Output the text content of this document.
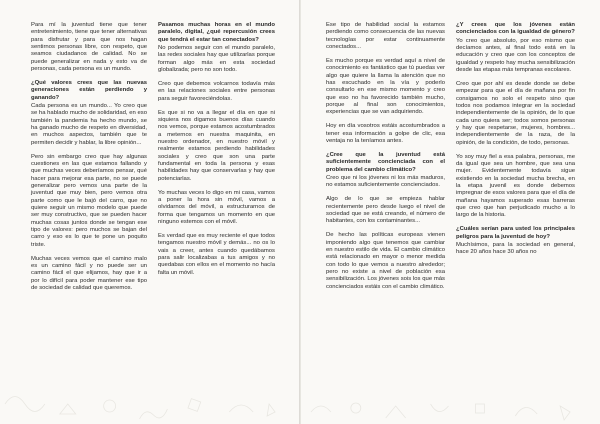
Para mí la juventud tiene que tener entretenimiento, tiene que tener alternativas para disfrutar y para que nos hagan sentirnos personas libre, con respeto, que seamos ciudadanos de calidad. No se puede generalizar en nada y esto va de personas, cada persona es un mundo.

¿Qué valores crees que las nuevas generaciones están perdiendo y ganando?

Cada persona es un mundo... Yo creo que se ha hablado mucho de solidaridad, en eso también la pandemia ha hecho mundo, se ha ganado mucho de respeto en diversidad, en muchos aspectos, también que te permiten decidir y hablar, la libre opinión...

Pero sin embargo creo que hay algunas cuestiones en las que estamos fallando y que muchas veces deberíamos pensar, qué hacer para mejorar esa parte, no se puede generalizar pero vemos una parte de la juventud que muy bien, pero vemos otra parte como que le bajó del carro, que no quiere seguir un mismo modelo que puede ser muy constructivo, que se pueden hacer muchas cosas juntos donde se tengan ese tipo de valores: pero muchos se bajan del carro y eso es lo que te pone un poquito triste.

Muchas veces vemos que el camino malo es un camino fácil y no puede ser un camino fácil el que elijamos, hay que ir a por lo difícil para poder mantener ese tipo de sociedad de calidad que queremos.

Pasamos muchas horas en el mundo paralelo, digital, ¿qué repercusión crees que tendrá el estar tan conectados?

No podemos seguir con el mundo paralelo, las redes sociales hay que utilizarlas porque forman algo más en esta sociedad globalizada; pero no son todo.

Creo que debemos volcarnos todavía más en las relaciones sociales entre personas para seguir favoreciéndolas.

Es que si no va a llegar el día en que ni siquiera nos digamos buenos días cuando nos vemos, porque estamos acostumbrados a meternos en nuestra maquinita, en nuestro ordenador, en nuestro móvil y realmente estamos perdiendo habilidades sociales y creo que son una parte fundamental en toda la persona y esas habilidades hay que conservarlas y hay que potenciarlas.

Yo muchas veces lo digo en mi casa, vamos a poner la hora sin móvil, vamos a olvidarnos del móvil, a estructurarnos de forma que tengamos un momento en que ninguno estemos con el móvil.

Es verdad que es muy reciente el que todos tengamos nuestro móvil y demás... no os lo vais a creer, antes cuando quedábamos para salir localizabas a tus amigos y no quedabas con ellos en el momento no hacía falta un móvil.

Ese tipo de habilidad social la estamos perdiendo como consecuencia de las nuevas tecnologías por estar continuamente conectados...

Es mucho porque es verdad aquí a nivel de conocimiento es fantástico que tú puedas ver algo que quiere la llama la atención que no has escuchado en la vía y poderlo consultarlo en ese mismo momento y creo que eso no ha favorecido también mucho, porque al final son conocimientos, experiencias que se van adquiriendo.

Hoy en día vosotros estáis acostumbrados a tener esa información a golpe de clic, esa ventaja no la teníamos antes.

¿Cree que la juventud está suficientemente concienciada con el problema del cambio climático?

Creo que ni los jóvenes ni los más maduros, no estamos suficientemente concienciados.

Algo de lo que se empieza hablar recientemente pero desde luego el nivel de sociedad que se está creando, el número de habitantes, con los contaminantes...

De hecho las políticas europeas vienen imponiendo algo que tenemos que cambiar en nuestro estilo de vida. El cambio climático está relacionado en mayor o menor medida con todo lo que vemos a nuestro alrededor; pero no existe a nivel de población esa sensibilización. Los jóvenes sois los que más concienciados estáis con el cambio climático.

¿Y crees que los jóvenes están concienciados con la igualdad de género?

Yo creo que absoluto, por eso mismo que decíamos antes, al final todo está en la educación y creo que con los conceptos de igualdad y respeto hay mucha sensibilización desde las etapas más tempranas escolares.

Creo que por ahí es desde donde se debe empezar para que el día de mañana por fin consigamos no solo el respeto sino que todos nos podamos integrar en la sociedad independientemente de la opinión, de lo que cada uno quiera ser; todos somos personas y hay que respetarse, mujeres, hombres... independientemente de la raza, de la opinión, de la condición, de todo, personas.

Yo soy muy fiel a esa palabra, personas, me da igual que sea un hombre, que sea una mujer. Evidentemente todavía sigue existiendo en la sociedad mucha brecha, en la etapa juvenil es donde debemos impregnar de esos valores para que el día de mañana hayamos superado esas barreras que creo que han perjudicado mucho a lo largo de la historia.

¿Cuáles serían para usted los principales peligros para la juventud de hoy?

Muchísimos, para la sociedad en general, hace 20 años hace 30 años no
